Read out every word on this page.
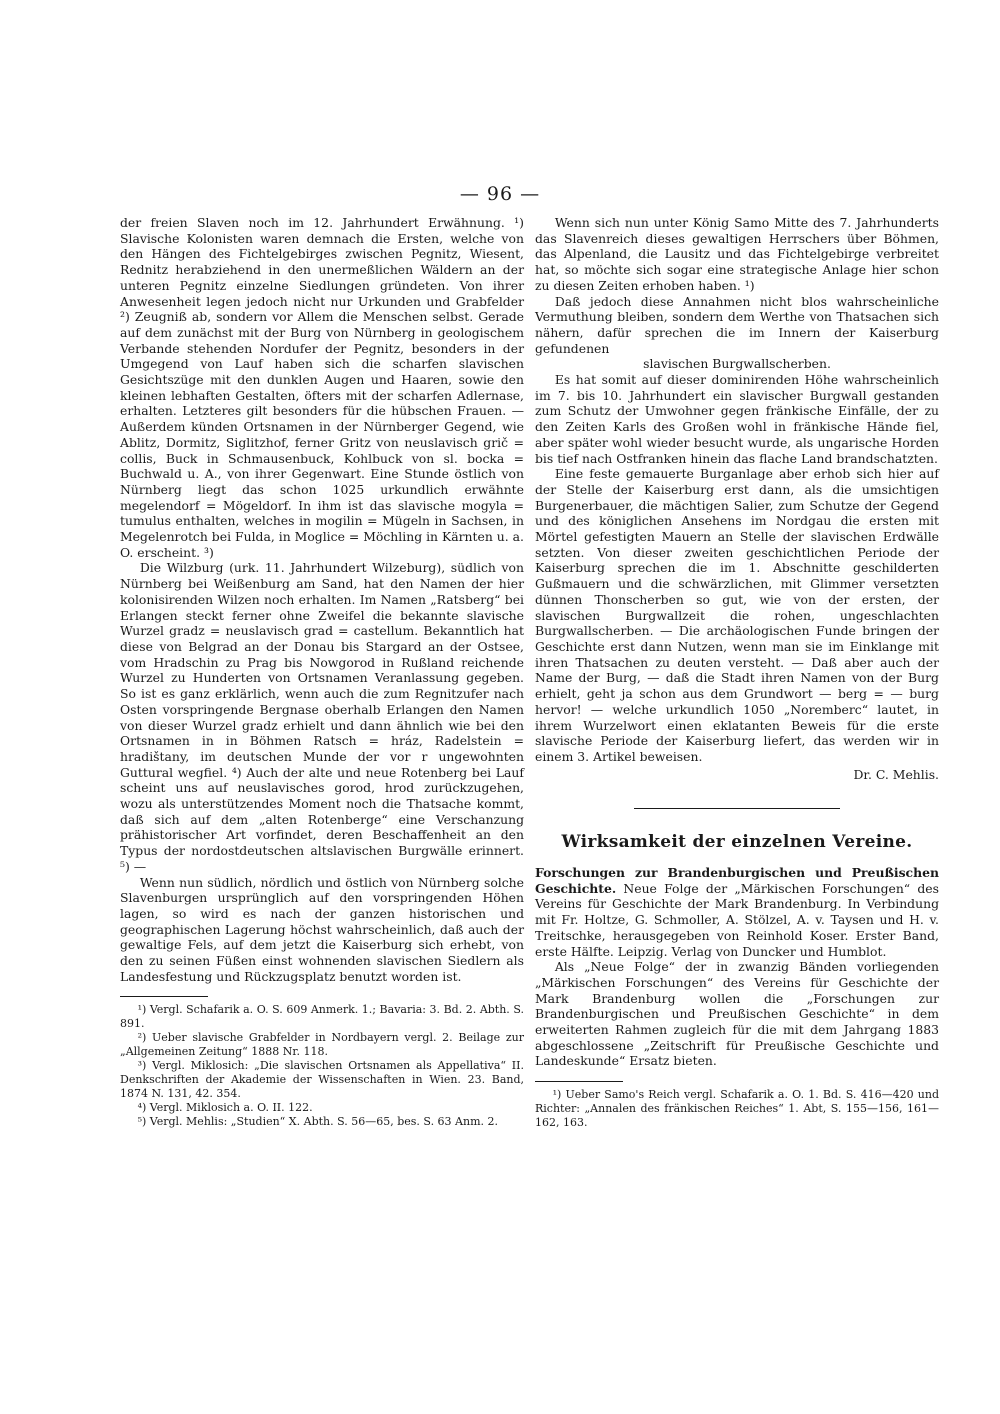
— 96 —

der freien Slaven noch im 12. Jahrhundert Erwähnung. ¹) Slavische Kolonisten waren demnach die Ersten, welche von den Hängen des Fichtelgebirges zwischen Pegnitz, Wiesent, Rednitz herabziehend in den unermeßlichen Wäldern an der unteren Pegnitz einzelne Siedlungen gründeten. Von ihrer Anwesenheit legen jedoch nicht nur Urkunden und Grabfelder ²) Zeugniß ab, sondern vor Allem die Menschen selbst. Gerade auf dem zunächst mit der Burg von Nürnberg in geologischem Verbande stehenden Nordufer der Pegnitz, besonders in der Umgegend von Lauf haben sich die scharfen slavischen Gesichtszüge mit den dunklen Augen und Haaren, sowie den kleinen lebhaften Gestalten, öfters mit der scharfen Adlernase, erhalten. Letzteres gilt besonders für die hübschen Frauen. — Außerdem künden Ortsnamen in der Nürnberger Gegend, wie Ablitz, Dormitz, Siglitzhof, ferner Gritz von neuslavisch grič = collis, Buck in Schmausenbuck, Kohlbuck von sl. bocka = Buchwald u. A., von ihrer Gegenwart. Eine Stunde östlich von Nürnberg liegt das schon 1025 urkundlich erwähnte megelendorf = Mögeldorf. In ihm ist das slavische mogyla = tumulus enthalten, welches in mogilin = Mügeln in Sachsen, in Megelenrotch bei Fulda, in Moglice = Möchling in Kärnten u. a. O. erscheint. ³)

Die Wilzburg (urk. 11. Jahrhundert Wilzeburg), südlich von Nürnberg bei Weißenburg am Sand, hat den Namen der hier kolonisirenden Wilzen noch erhalten. Im Namen „Ratsberg“ bei Erlangen steckt ferner ohne Zweifel die bekannte slavische Wurzel gradz = neuslavisch grad = castellum. Bekanntlich hat diese von Belgrad an der Donau bis Stargard an der Ostsee, vom Hradschin zu Prag bis Nowgorod in Rußland reichende Wurzel zu Hunderten von Ortsnamen Veranlassung gegeben. So ist es ganz erklärlich, wenn auch die zum Regnitzufer nach Osten vorspringende Bergnase oberhalb Erlangen den Namen von dieser Wurzel gradz erhielt und dann ähnlich wie bei den Ortsnamen in in Böhmen Ratsch = hráz, Radelstein = hradištany, im deutschen Munde der vor r ungewohnten Guttural wegfiel. ⁴) Auch der alte und neue Rotenberg bei Lauf scheint uns auf neuslavisches gorod, hrod zurückzugehen, wozu als unterstützendes Moment noch die Thatsache kommt, daß sich auf dem „alten Rotenberge“ eine Verschanzung prähistorischer Art vorfindet, deren Beschaffenheit an den Typus der nordostdeutschen altslavischen Burgwälle erinnert. ⁵) —

Wenn nun südlich, nördlich und östlich von Nürnberg solche Slavenburgen ursprünglich auf den vorspringenden Höhen lagen, so wird es nach der ganzen historischen und geographischen Lagerung höchst wahrscheinlich, daß auch der gewaltige Fels, auf dem jetzt die Kaiserburg sich erhebt, von den zu seinen Füßen einst wohnenden slavischen Siedlern als Landesfestung und Rückzugsplatz benutzt worden ist.

¹) Vergl. Schafarik a. O. S. 609 Anmerk. 1.; Bavaria: 3. Bd. 2. Abth. S. 891.

²) Ueber slavische Grabfelder in Nordbayern vergl. 2. Beilage zur „Allgemeinen Zeitung“ 1888 Nr. 118.

³) Vergl. Miklosich: „Die slavischen Ortsnamen als Appellativa“ II. Denkschriften der Akademie der Wissenschaften in Wien. 23. Band, 1874 N. 131, 42. 354.

⁴) Vergl. Miklosich a. O. II. 122.

⁵) Vergl. Mehlis: „Studien“ X. Abth. S. 56—65, bes. S. 63 Anm. 2.

Wenn sich nun unter König Samo Mitte des 7. Jahrhunderts das Slavenreich dieses gewaltigen Herrschers über Böhmen, das Alpenland, die Lausitz und das Fichtelgebirge verbreitet hat, so möchte sich sogar eine strategische Anlage hier schon zu diesen Zeiten erhoben haben. ¹)

Daß jedoch diese Annahmen nicht blos wahrscheinliche Vermuthung bleiben, sondern dem Werthe von Thatsachen sich nähern, dafür sprechen die im Innern der Kaiserburg gefundenen

slavischen Burgwallscherben.

Es hat somit auf dieser dominirenden Höhe wahrscheinlich im 7. bis 10. Jahrhundert ein slavischer Burgwall gestanden zum Schutz der Umwohner gegen fränkische Einfälle, der zu den Zeiten Karls des Großen wohl in fränkische Hände fiel, aber später wohl wieder besucht wurde, als ungarische Horden bis tief nach Ostfranken hinein das flache Land brandschatzten.

Eine feste gemauerte Burganlage aber erhob sich hier auf der Stelle der Kaiserburg erst dann, als die umsichtigen Burgenerbauer, die mächtigen Salier, zum Schutze der Gegend und des königlichen Ansehens im Nordgau die ersten mit Mörtel gefestigten Mauern an Stelle der slavischen Erdwälle setzten. Von dieser zweiten geschichtlichen Periode der Kaiserburg sprechen die im 1. Abschnitte geschilderten Gußmauern und die schwärzlichen, mit Glimmer versetzten dünnen Thonscherben so gut, wie von der ersten, der slavischen Burgwallzeit die rohen, ungeschlachten Burgwallscherben. — Die archäologischen Funde bringen der Geschichte erst dann Nutzen, wenn man sie im Einklange mit ihren Thatsachen zu deuten versteht. — Daß aber auch der Name der Burg, — daß die Stadt ihren Namen von der Burg erhielt, geht ja schon aus dem Grundwort — berg = — burg hervor! — welche urkundlich 1050 „Noremberc“ lautet, in ihrem Wurzelwort einen eklatanten Beweis für die erste slavische Periode der Kaiserburg liefert, das werden wir in einem 3. Artikel beweisen.

Dr. C. Mehlis.

Wirksamkeit der einzelnen Vereine.

Forschungen zur Brandenburgischen und Preußischen Geschichte. Neue Folge der „Märkischen Forschungen“ des Vereins für Geschichte der Mark Brandenburg. In Verbindung mit Fr. Holtze, G. Schmoller, A. Stölzel, A. v. Taysen und H. v. Treitschke, herausgegeben von Reinhold Koser. Erster Band, erste Hälfte. Leipzig. Verlag von Duncker und Humblot.

Als „Neue Folge“ der in zwanzig Bänden vorliegenden „Märkischen Forschungen“ des Vereins für Geschichte der Mark Brandenburg wollen die „Forschungen zur Brandenburgischen und Preußischen Geschichte“ in dem erweiterten Rahmen zugleich für die mit dem Jahrgang 1883 abgeschlossene „Zeitschrift für Preußische Geschichte und Landeskunde“ Ersatz bieten.

¹) Ueber Samo's Reich vergl. Schafarik a. O. 1. Bd. S. 416—420 und Richter: „Annalen des fränkischen Reiches“ 1. Abt, S. 155—156, 161—162, 163.
